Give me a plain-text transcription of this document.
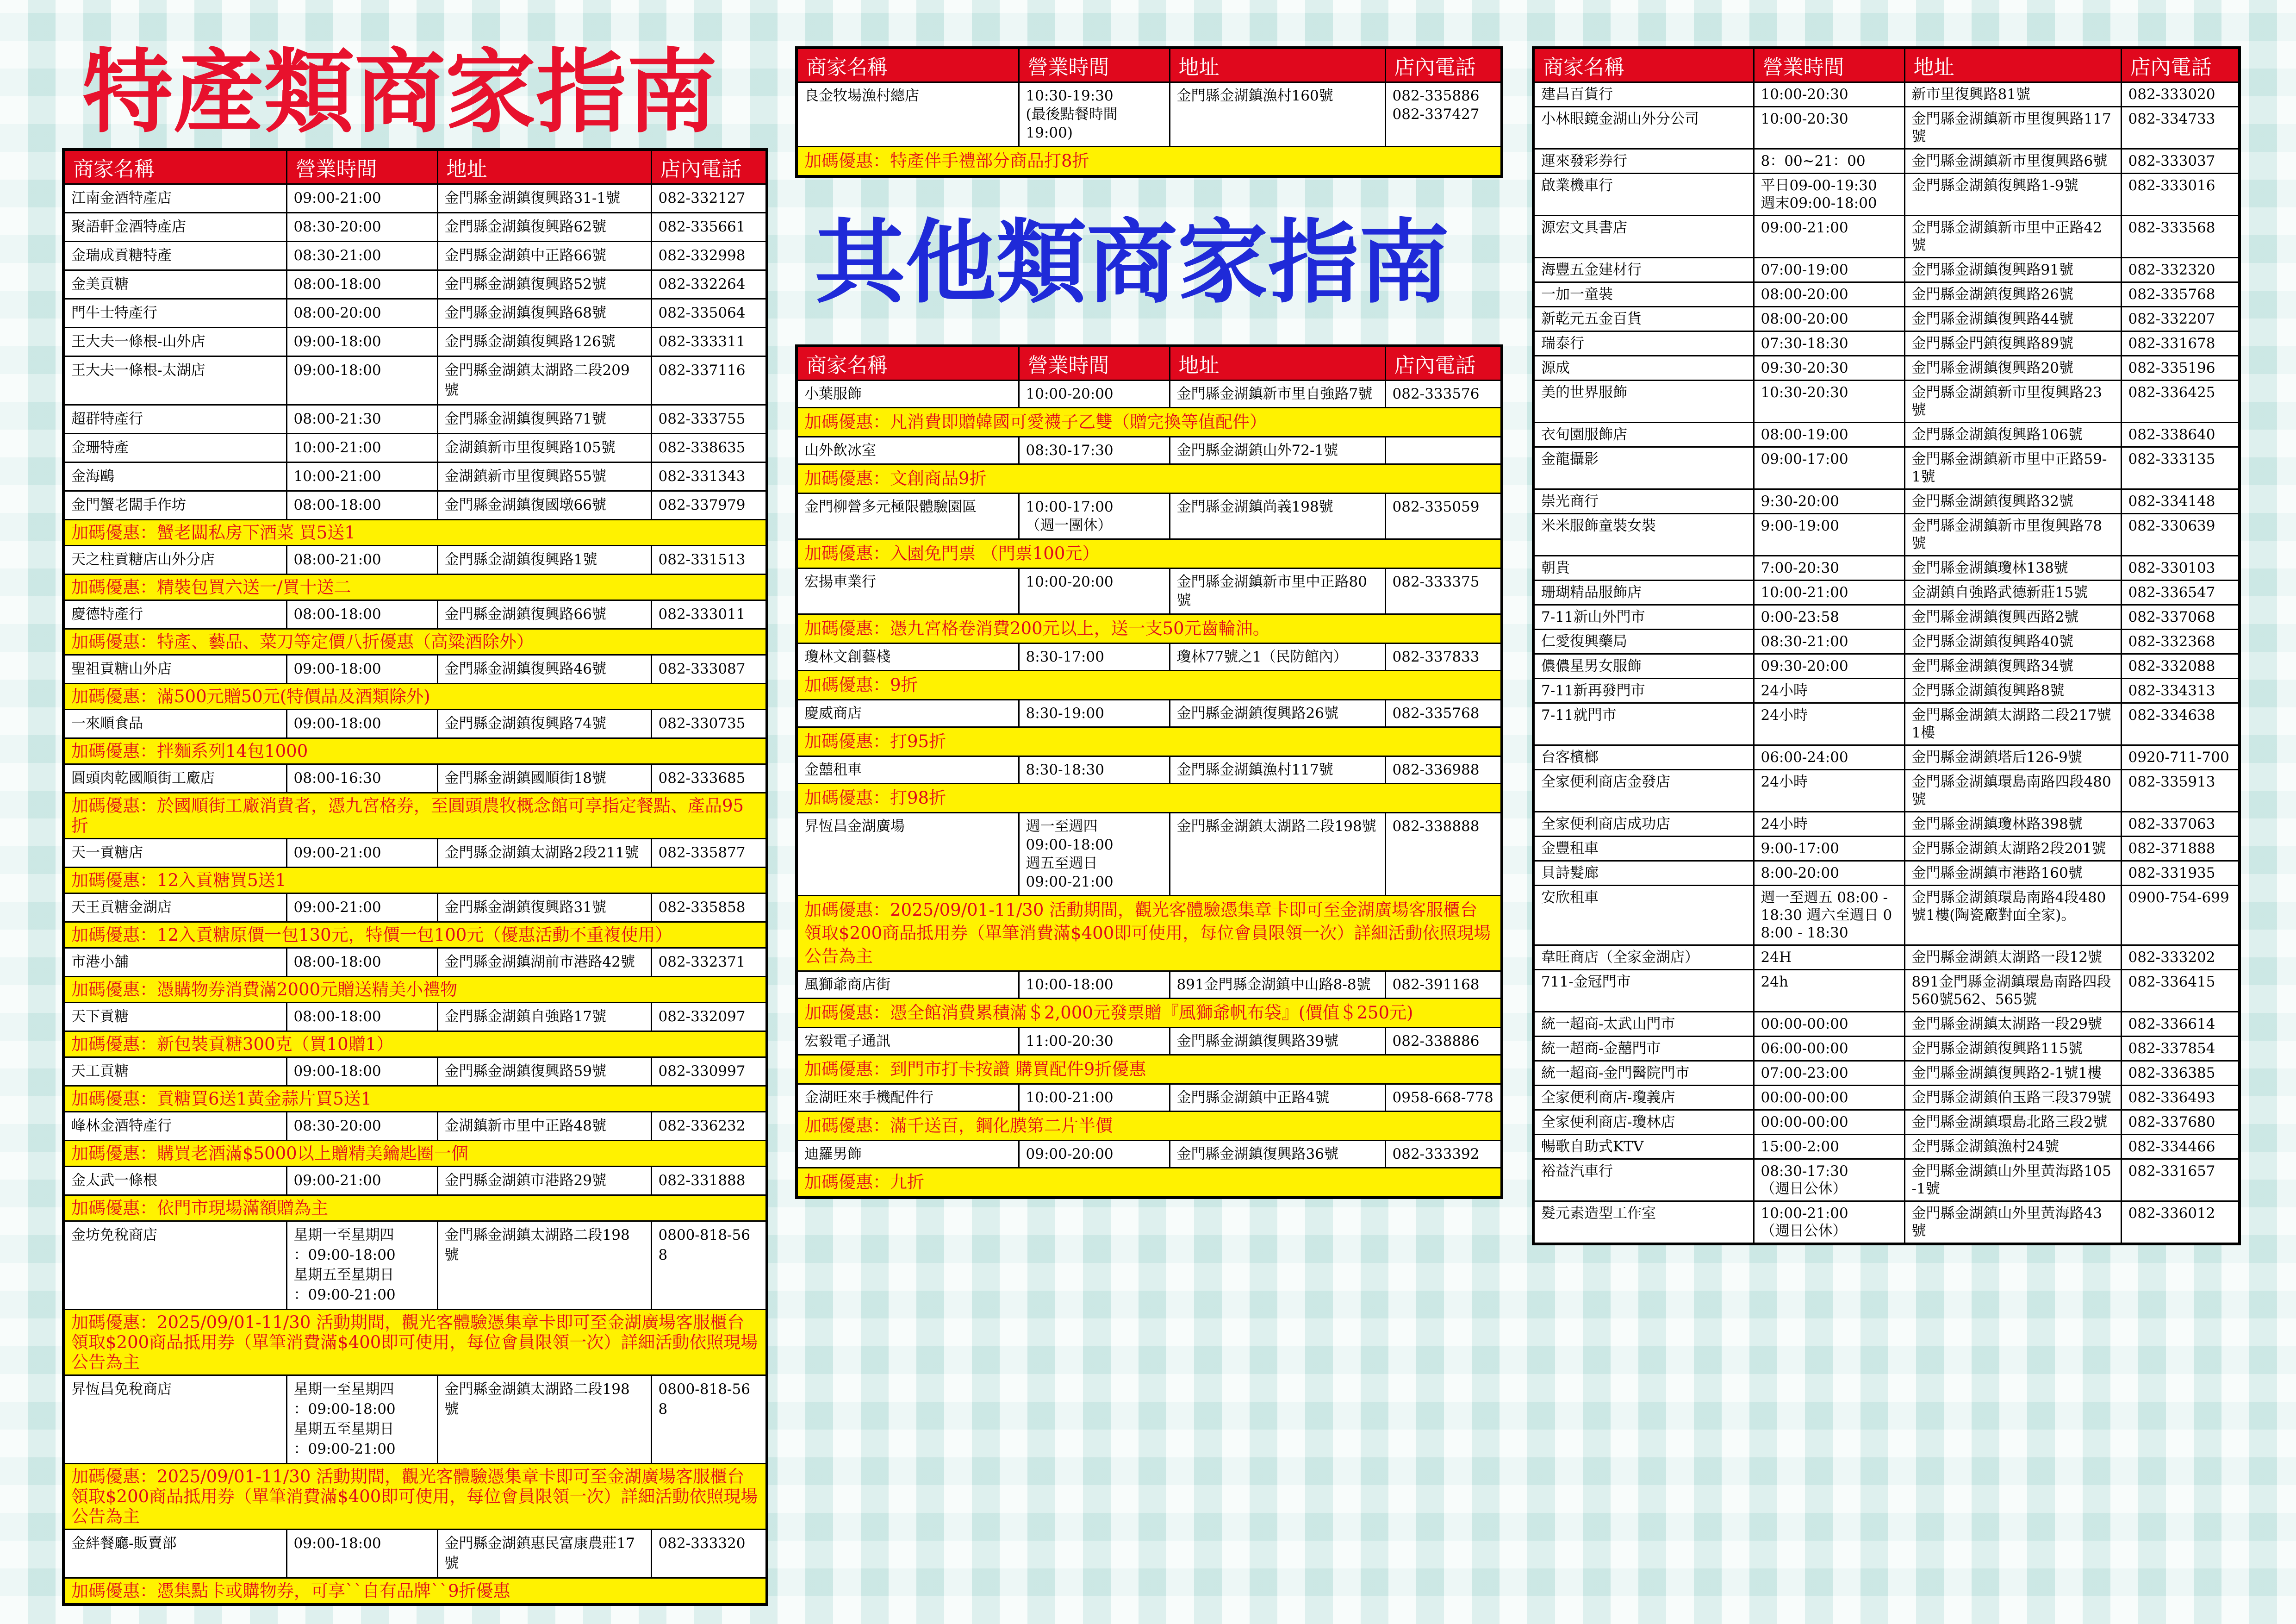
特產類商家指南
其他類商家指南
商家名稱	營業時間	地址	店內電話
江南金酒特產店	09:00-21:00	金門縣金湖鎮復興路31-1號	082-332127
聚語軒金酒特產店	08:30-20:00	金門縣金湖鎮復興路62號	082-335661
金瑞成貢糖特產	08:30-21:00	金門縣金湖鎮中正路66號	082-332998
金美貢糖	08:00-18:00	金門縣金湖鎮復興路52號	082-332264
門牛士特產行	08:00-20:00	金門縣金湖鎮復興路68號	082-335064
王大夫一條根-山外店	09:00-18:00	金門縣金湖鎮復興路126號	082-333311
王大夫一條根-太湖店	09:00-18:00	金門縣金湖鎮太湖路二段209號	082-337116
超群特產行	08:00-21:30	金門縣金湖鎮復興路71號	082-333755
金珊特產	10:00-21:00	金湖鎮新市里復興路105號	082-338635
金海鷗	10:00-21:00	金湖鎮新市里復興路55號	082-331343
金門蟹老闆手作坊	08:00-18:00	金門縣金湖鎮復國墩66號	082-337979
加碼優惠：蟹老闆私房下酒菜 買5送1			
天之柱貢糖店山外分店	08:00-21:00	金門縣金湖鎮復興路1號	082-331513
加碼優惠：精裝包買六送一/買十送二			
慶德特產行	08:00-18:00	金門縣金湖鎮復興路66號	082-333011
加碼優惠：特產、藝品、菜刀等定價八折優惠（高粱酒除外）			
聖祖貢糖山外店	09:00-18:00	金門縣金湖鎮復興路46號	082-333087
加碼優惠：滿500元贈50元(特價品及酒類除外)			
一來順食品	09:00-18:00	金門縣金湖鎮復興路74號	082-330735
加碼優惠：拌麵系列14包1000			
圓頭肉乾國順街工廠店	08:00-16:30	金門縣金湖鎮國順街18號	082-333685
加碼優惠：於國順街工廠消費者，憑九宮格券，至圓頭農牧概念館可享指定餐點、產品95折			
天一貢糖店	09:00-21:00	金門縣金湖鎮太湖路2段211號	082-335877
加碼優惠：12入貢糖買5送1			
天王貢糖金湖店	09:00-21:00	金門縣金湖鎮復興路31號	082-335858
加碼優惠：12入貢糖原價一包130元，特價一包100元（優惠活動不重複使用）			
市港小舖	08:00-18:00	金門縣金湖鎮湖前市港路42號	082-332371
加碼優惠：憑購物券消費滿2000元贈送精美小禮物			
天下貢糖	08:00-18:00	金門縣金湖鎮自強路17號	082-332097
加碼優惠：新包裝貢糖300克（買10贈1）			
天工貢糖	09:00-18:00	金門縣金湖鎮復興路59號	082-330997
加碼優惠：貢糖買6送1黃金蒜片買5送1			
峰林金酒特產行	08:30-20:00	金湖鎮新市里中正路48號	082-336232
加碼優惠：購買老酒滿$5000以上贈精美鑰匙圈一個			
金太武一條根	09:00-21:00	金門縣金湖鎮市港路29號	082-331888
加碼優惠：依門市現場滿額贈為主			
金坊免稅商店	星期一至星期四
：09:00-18:00
星期五至星期日
：09:00-21:00	金門縣金湖鎮太湖路二段198號	0800-818-568
加碼優惠：2025/09/01-11/30 活動期間，觀光客體驗憑集章卡即可至金湖廣場客服櫃台領取$200商品抵用券（單筆消費滿$400即可使用，每位會員限領一次）詳細活動依照現場公告為主			
昇恆昌免稅商店	星期一至星期四
：09:00-18:00
星期五至星期日
：09:00-21:00	金門縣金湖鎮太湖路二段198號	0800-818-568
加碼優惠：2025/09/01-11/30 活動期間，觀光客體驗憑集章卡即可至金湖廣場客服櫃台領取$200商品抵用券（單筆消費滿$400即可使用，每位會員限領一次）詳細活動依照現場公告為主			
金絆餐廳-販賣部	09:00-18:00	金門縣金湖鎮惠民富康農莊17號	082-333320
加碼優惠：憑集點卡或購物券，可享``自有品牌``9折優惠			
商家名稱	營業時間	地址	店內電話
良金牧場漁村總店	10:30-19:30
(最後點餐時間
19:00)	金門縣金湖鎮漁村160號	082-335886
082-337427
加碼優惠：特產伴手禮部分商品打8折			
商家名稱	營業時間	地址	店內電話
小葉服飾	10:00-20:00	金門縣金湖鎮新市里自強路7號	082-333576
加碼優惠：凡消費即贈韓國可愛襪子乙雙（贈完換等值配件）			
山外飲冰室	08:30-17:30	金門縣金湖鎮山外72-1號	
加碼優惠：文創商品9折			
金門柳營多元極限體驗園區	10:00-17:00
（週一團休）	金門縣金湖鎮尚義198號	082-335059
加碼優惠：入園免門票 （門票100元）			
宏揚車業行	10:00-20:00	金門縣金湖鎮新市里中正路80號	082-333375
加碼優惠：憑九宮格卷消費200元以上，送一支50元齒輪油。			
瓊林文創藝棧	8:30-17:00	瓊林77號之1（民防館內）	082-337833
加碼優惠：9折			
慶威商店	8:30-19:00	金門縣金湖鎮復興路26號	082-335768
加碼優惠：打95折			
金囍租車	8:30-18:30	金門縣金湖鎮漁村117號	082-336988
加碼優惠：打98折			
昇恆昌金湖廣場	週一至週四
09:00-18:00
週五至週日
09:00-21:00	金門縣金湖鎮太湖路二段198號	082-338888
加碼優惠：2025/09/01-11/30 活動期間，觀光客體驗憑集章卡即可至金湖廣場客服櫃台領取$200商品抵用券（單筆消費滿$400即可使用，每位會員限領一次）詳細活動依照現場公告為主			
風獅爺商店街	10:00-18:00	891金門縣金湖鎮中山路8-8號	082-391168
加碼優惠：憑全館消費累積滿＄2,000元發票贈『風獅爺帆布袋』(價值＄250元)			
宏毅電子通訊	11:00-20:30	金門縣金湖鎮復興路39號	082-338886
加碼優惠：到門市打卡按讚 購買配件9折優惠			
金湖旺來手機配件行	10:00-21:00	金門縣金湖鎮中正路4號	0958-668-778
加碼優惠：滿千送百，鋼化膜第二片半價			
迪羅男飾	09:00-20:00	金門縣金湖鎮復興路36號	082-333392
加碼優惠：九折			
商家名稱	營業時間	地址	店內電話
建昌百貨行	10:00-20:30	新市里復興路81號	082-333020
小林眼鏡金湖山外分公司	10:00-20:30	金門縣金湖鎮新市里復興路117號	082-334733
運來發彩券行	8：00~21：00	金門縣金湖鎮新市里復興路6號	082-333037
啟業機車行	平日09-00-19:30
週末09:00-18:00	金門縣金湖鎮復興路1-9號	082-333016
源宏文具書店	09:00-21:00	金門縣金湖鎮新市里中正路42號	082-333568
海豐五金建材行	07:00-19:00	金門縣金湖鎮復興路91號	082-332320
一加一童裝	08:00-20:00	金門縣金湖鎮復興路26號	082-335768
新乾元五金百貨	08:00-20:00	金門縣金湖鎮復興路44號	082-332207
瑞泰行	07:30-18:30	金門縣金門鎮復興路89號	082-331678
源成	09:30-20:30	金門縣金湖鎮復興路20號	082-335196
美的世界服飾	10:30-20:30	金門縣金湖鎮新市里復興路23號	082-336425
衣旬園服飾店	08:00-19:00	金門縣金湖鎮復興路106號	082-338640
金龍攝影	09:00-17:00	金門縣金湖鎮新市里中正路59-1號	082-333135
崇光商行	9:30-20:00	金門縣金湖鎮復興路32號	082-334148
米米服飾童裝女裝	9:00-19:00	金門縣金湖鎮新市里復興路78號	082-330639
朝貴	7:00-20:30	金門縣金湖鎮瓊林138號	082-330103
珊瑚精品服飾店	10:00-21:00	金湖鎮自強路武德新莊15號	082-336547
7-11新山外門市	0:00-23:58	金門縣金湖鎮復興西路2號	082-337068
仁愛復興藥局	08:30-21:00	金門縣金湖鎮復興路40號	082-332368
儂儂星男女服飾	09:30-20:00	金門縣金湖鎮復興路34號	082-332088
7-11新再發門市	24小時	金門縣金湖鎮復興路8號	082-334313
7-11就門市	24小時	金門縣金湖鎮太湖路二段217號1樓	082-334638
台客檳榔	06:00-24:00	金門縣金湖鎮塔后126-9號	0920-711-700
全家便利商店金發店	24小時	金門縣金湖鎮環島南路四段480號	082-335913
全家便利商店成功店	24小時	金門縣金湖鎮瓊林路398號	082-337063
金豐租車	9:00-17:00	金門縣金湖鎮太湖路2段201號	082-371888
貝詩髮廊	8:00-20:00	金門縣金湖鎮市港路160號	082-331935
安欣租車	週一至週五 08:00 - 18:30 週六至週日 08:00 - 18:30	金門縣金湖鎮環島南路4段480號1樓(陶瓷廠對面全家)。	0900-754-699
韋旺商店（全家金湖店）	24H	金門縣金湖鎮太湖路一段12號	082-333202
711-金冠門市	24h	891金門縣金湖鎮環島南路四段560號562、565號	082-336415
統一超商-太武山門市	00:00-00:00	金門縣金湖鎮太湖路一段29號	082-336614
統一超商-金囍門市	06:00-00:00	金門縣金湖鎮復興路115號	082-337854
統一超商-金門醫院門市	07:00-23:00	金門縣金湖鎮復興路2-1號1樓	082-336385
全家便利商店-瓊義店	00:00-00:00	金門縣金湖鎮伯玉路三段379號	082-336493
全家便利商店-瓊林店	00:00-00:00	金門縣金湖鎮環島北路三段2號	082-337680
暢歌自助式KTV	15:00-2:00	金門縣金湖鎮漁村24號	082-334466
裕益汽車行	08:30-17:30
（週日公休）	金門縣金湖鎮山外里黃海路105-1號	082-331657
髮元素造型工作室	10:00-21:00
（週日公休）	金門縣金湖鎮山外里黃海路43號	082-336012
